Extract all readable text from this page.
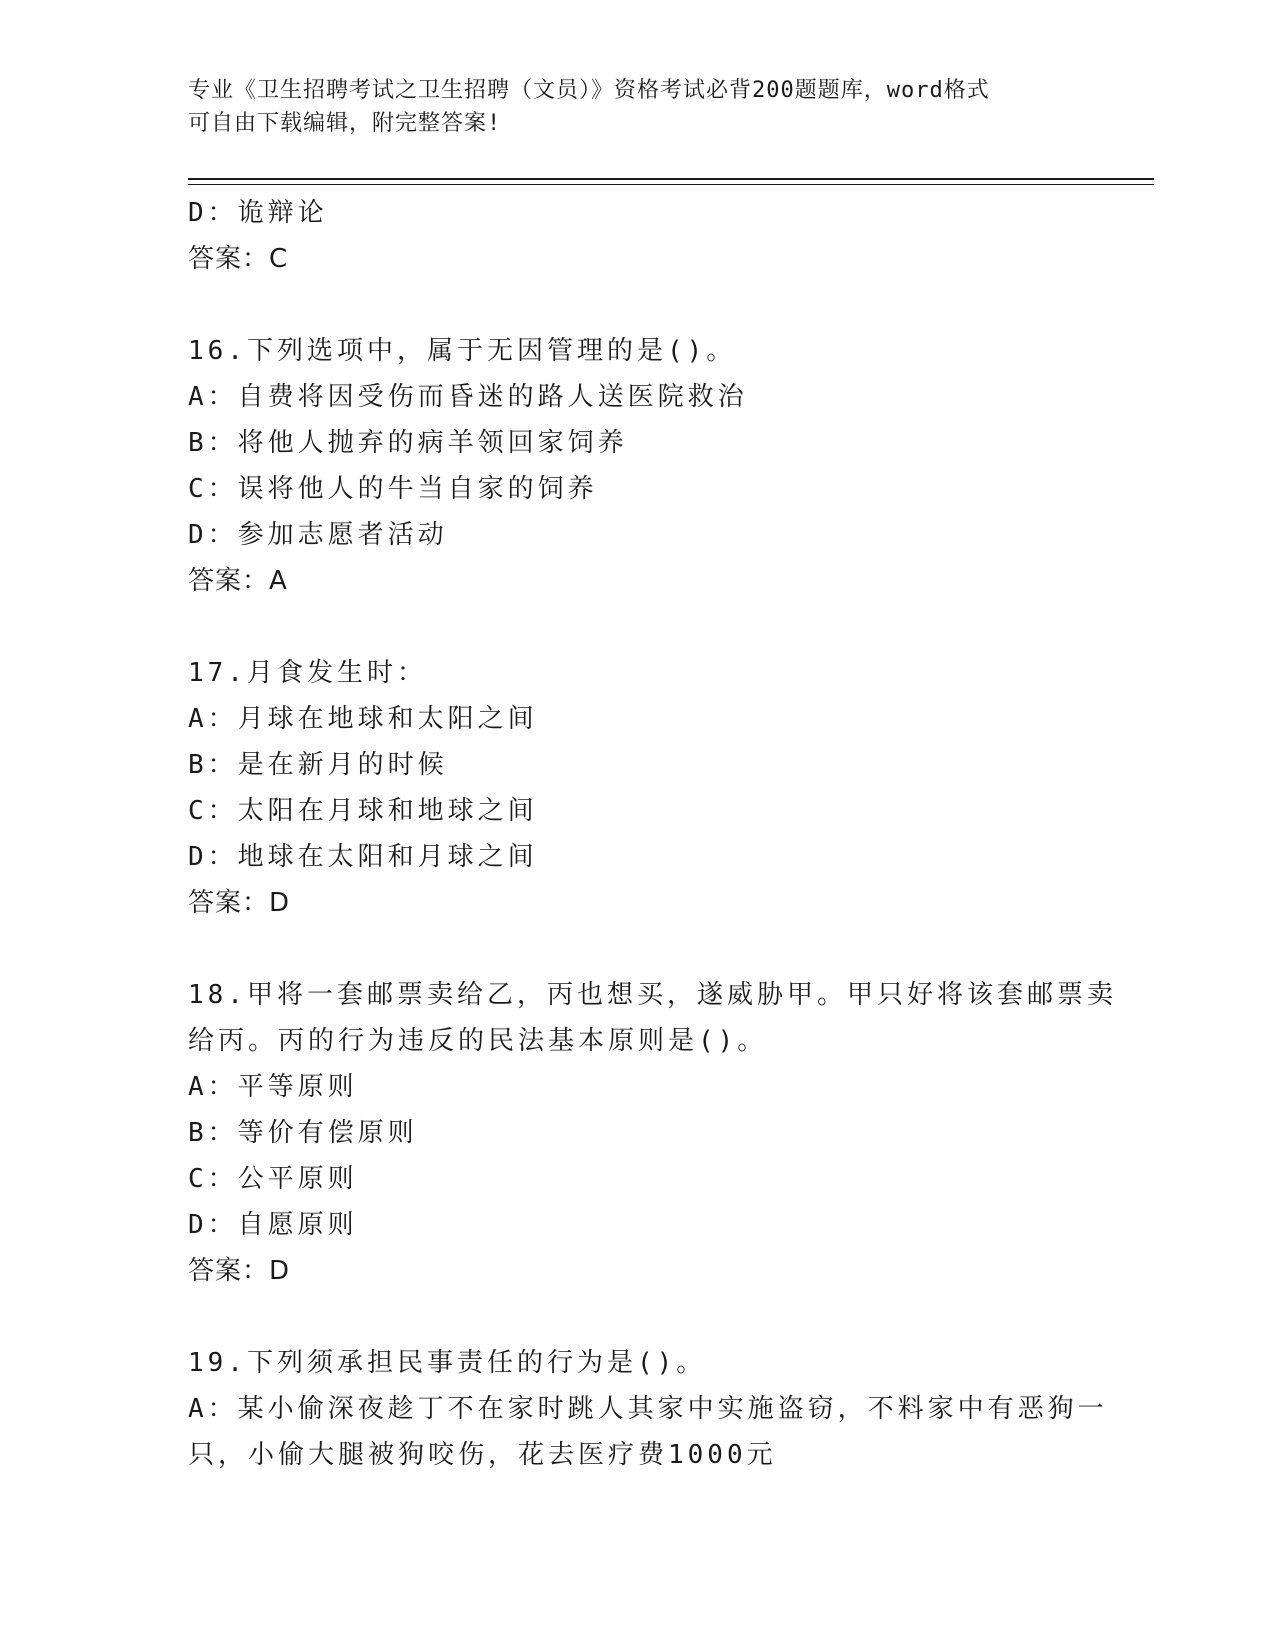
专业《卫生招聘考试之卫生招聘（文员）》资格考试必背200题题库，word格式
可自由下载编辑，附完整答案!
D：诡辩论
答案：C
16.下列选项中，属于无因管理的是()。
A：自费将因受伤而昏迷的路人送医院救治
B：将他人抛弃的病羊领回家饲养
C：误将他人的牛当自家的饲养
D：参加志愿者活动
答案：A
17.月食发生时：
A：月球在地球和太阳之间
B：是在新月的时候
C：太阳在月球和地球之间
D：地球在太阳和月球之间
答案：D
18.甲将一套邮票卖给乙，丙也想买，遂威胁甲。甲只好将该套邮票卖
给丙。丙的行为违反的民法基本原则是()。
A：平等原则
B：等价有偿原则
C：公平原则
D：自愿原则
答案：D
19.下列须承担民事责任的行为是()。
A：某小偷深夜趁丁不在家时跳人其家中实施盗窃，不料家中有恶狗一
只，小偷大腿被狗咬伤，花去医疗费1000元
